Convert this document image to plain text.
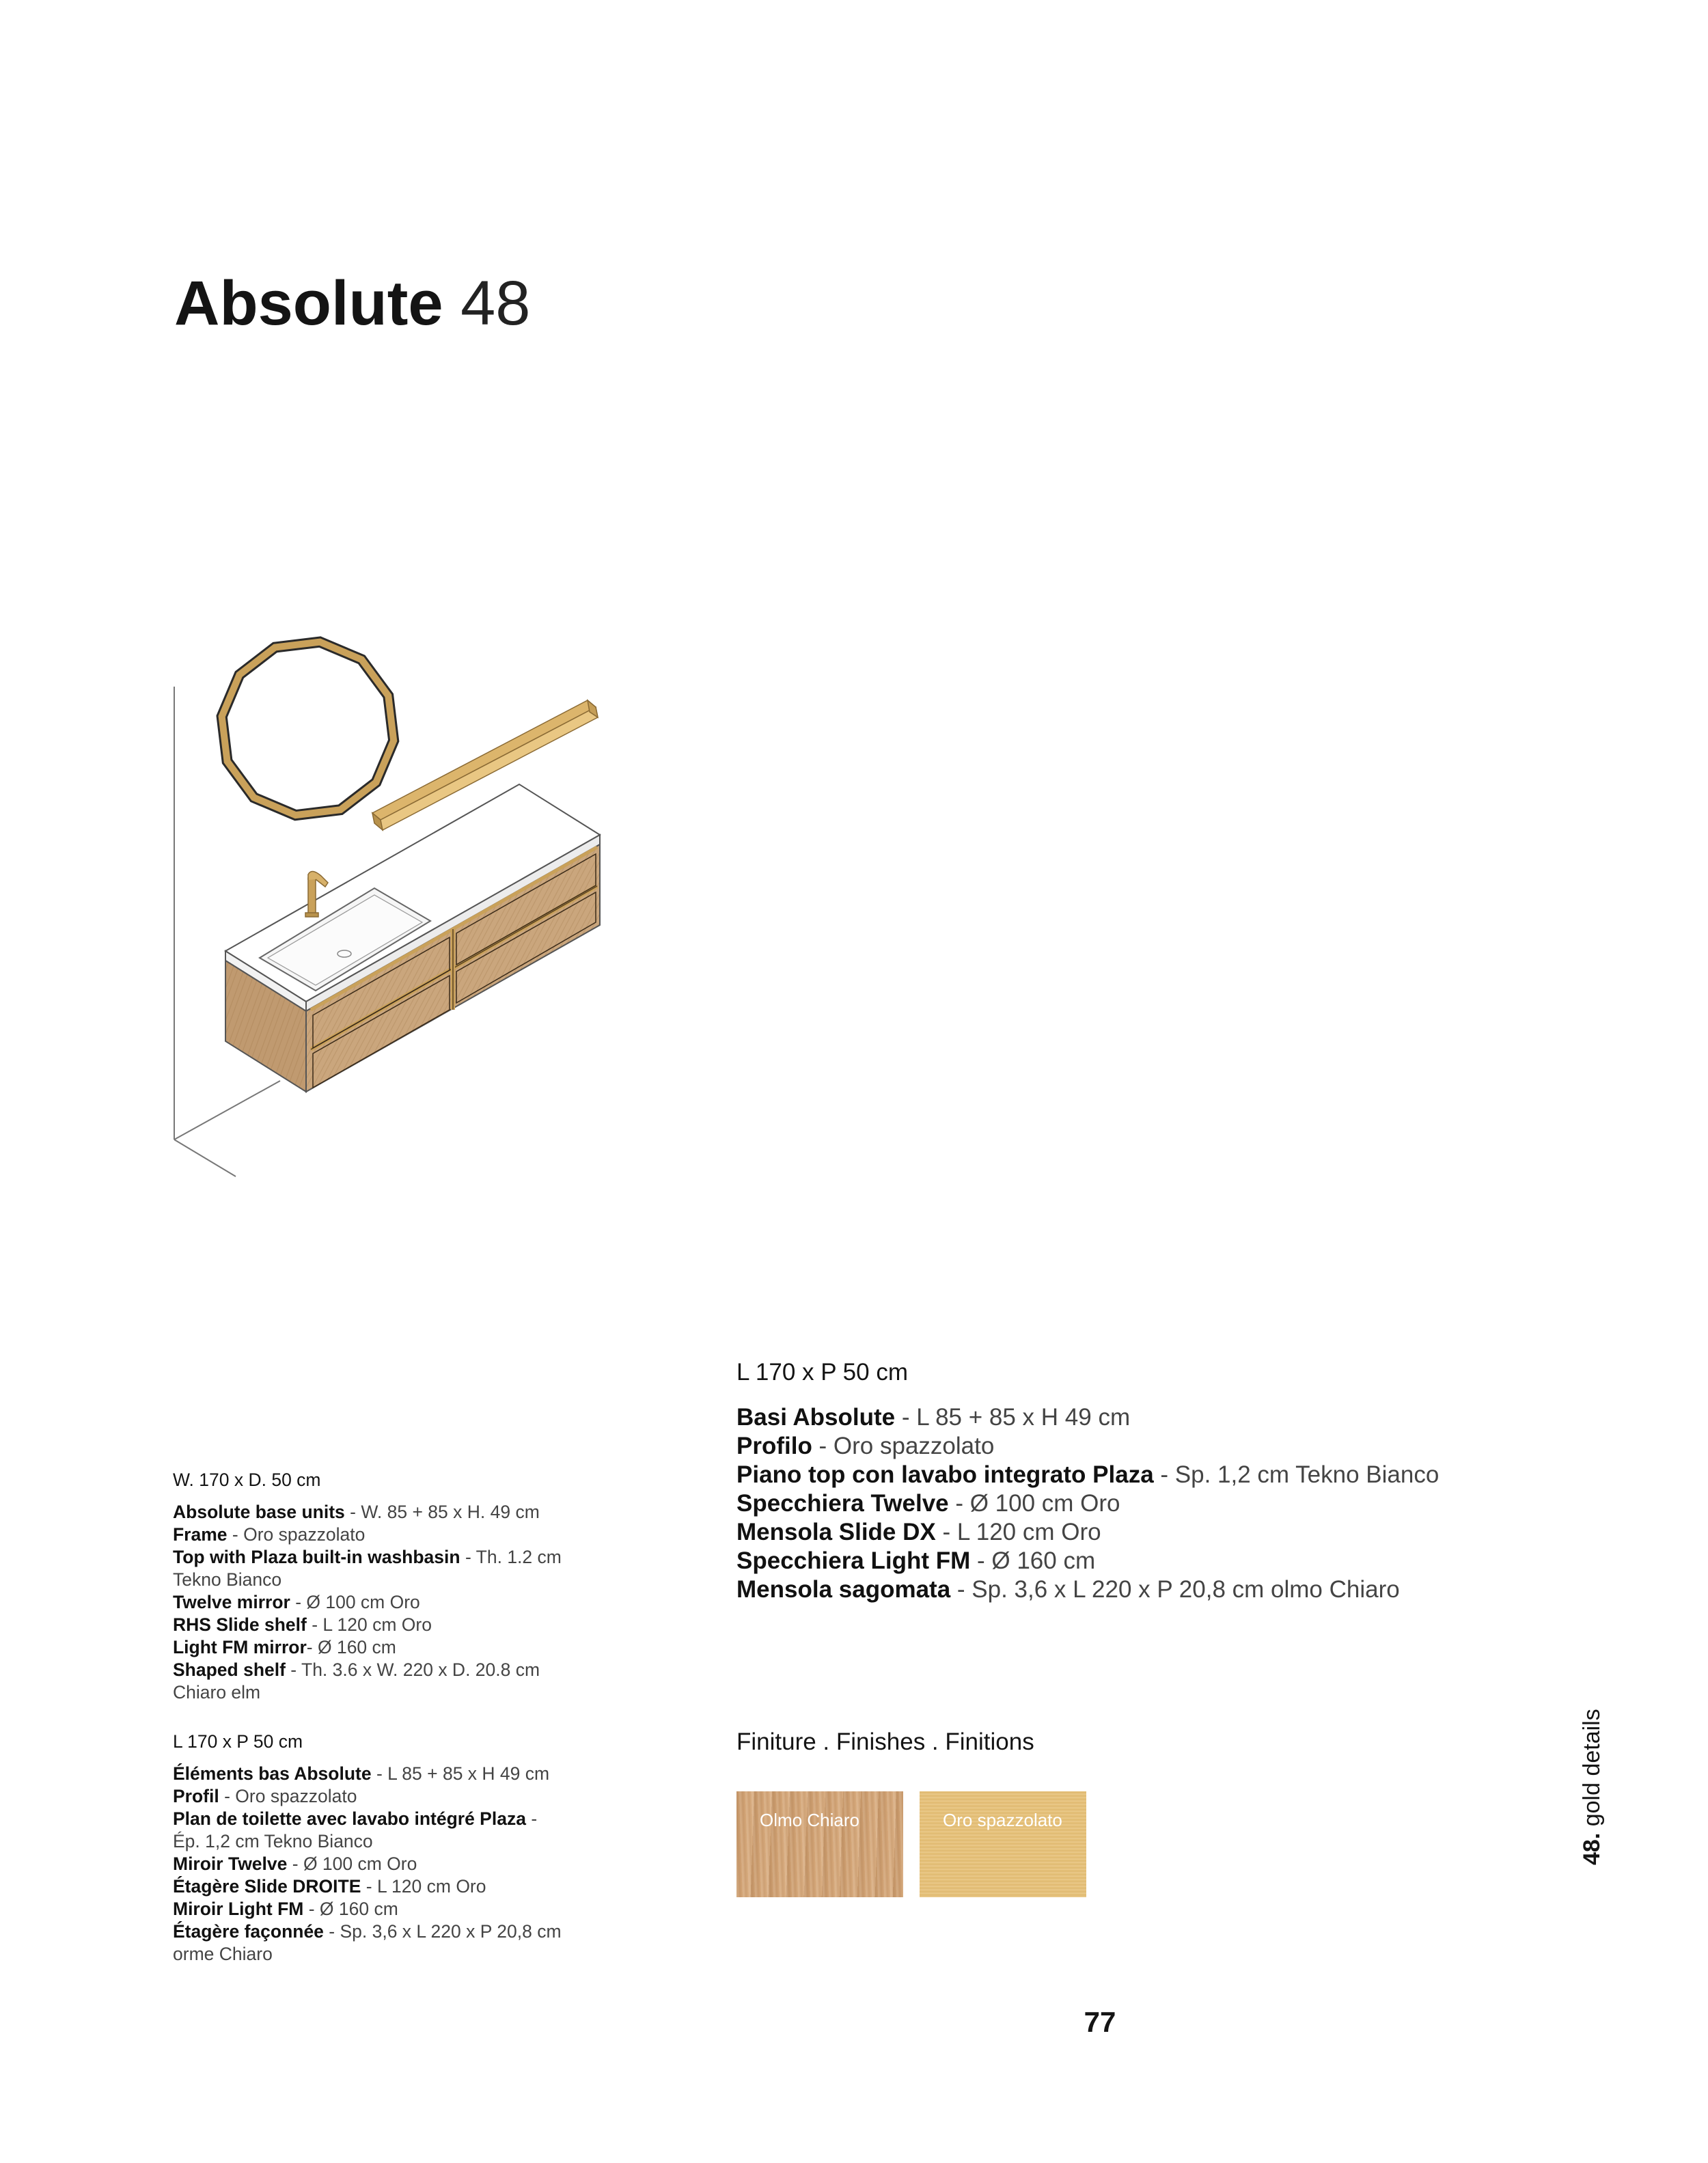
Absolute 48

W. 170 x D. 50 cm

Absolute base units - W. 85 + 85 x H. 49 cm

Frame - Oro spazzolato

Top with Plaza built-in washbasin - Th. 1.2 cm

Tekno Bianco

Twelve mirror - Ø 100 cm Oro

RHS Slide shelf - L 120 cm Oro

Light FM mirror- Ø 160 cm

Shaped shelf - Th. 3.6 x W. 220 x D. 20.8 cm

Chiaro elm

L 170 x P 50 cm

Éléments bas Absolute - L 85 + 85 x H 49 cm

Profil - Oro spazzolato

Plan de toilette avec lavabo intégré Plaza -

Ép. 1,2 cm Tekno Bianco

Miroir Twelve - Ø 100 cm Oro

Étagère Slide DROITE - L 120 cm Oro

Miroir Light FM - Ø 160 cm

Étagère façonnée - Sp. 3,6 x L 220 x P 20,8 cm

orme Chiaro

L 170 x P 50 cm

Basi Absolute - L 85 + 85 x H 49 cm

Profilo - Oro spazzolato

Piano top con lavabo integrato Plaza - Sp. 1,2 cm Tekno Bianco

Specchiera Twelve - Ø 100 cm Oro

Mensola Slide DX - L 120 cm Oro

Specchiera Light FM - Ø 160 cm

Mensola sagomata - Sp. 3,6 x L 220 x P 20,8 cm olmo Chiaro

Finiture . Finishes . Finitions
Olmo Chiaro	Oro spazzolato
48. gold details
77
